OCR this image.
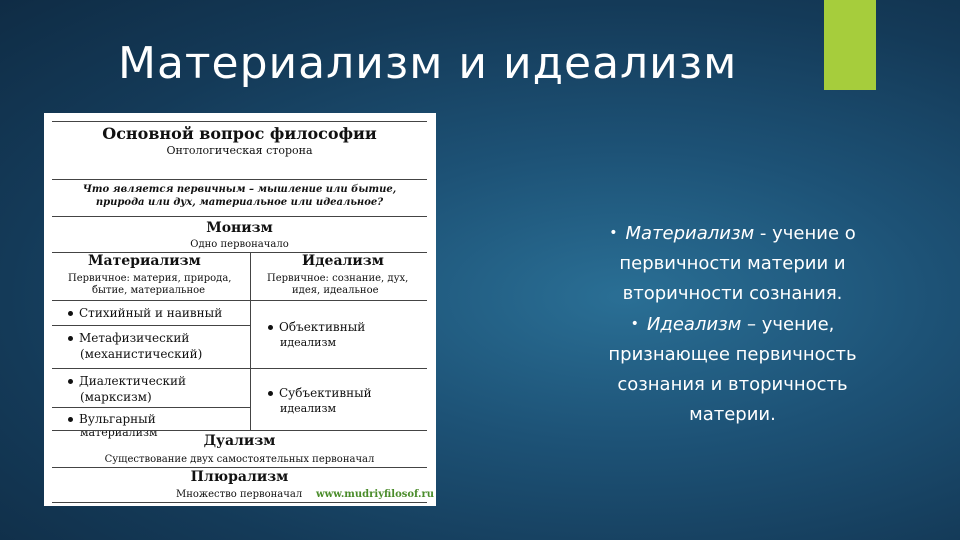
Материализм и идеализм
Основной вопрос философии
Онтологическая сторона
Что является первичным – мышление или бытие,
природа или дух, материальное или идеальное?
Монизм
Одно первоначало
Материализм
Первичное: материя, природа,
бытие, материальное
Идеализм
Первичное: сознание, дух,
идея, идеальное
Стихийный и наивный
Метафизический
(механистический)
Диалектический
(марксизм)
Вульгарный
материализм
Объективный
идеализм
Субъективный
идеализм
Дуализм
Существование двух самостоятельных первоначал
Плюрализм
Множество первоначал www.mudriyfilosof.ru

• Материализм - учение о

первичности материи и

вторичности сознания.

• Идеализм – учение,

признающее первичность

сознания и вторичность

материи.
